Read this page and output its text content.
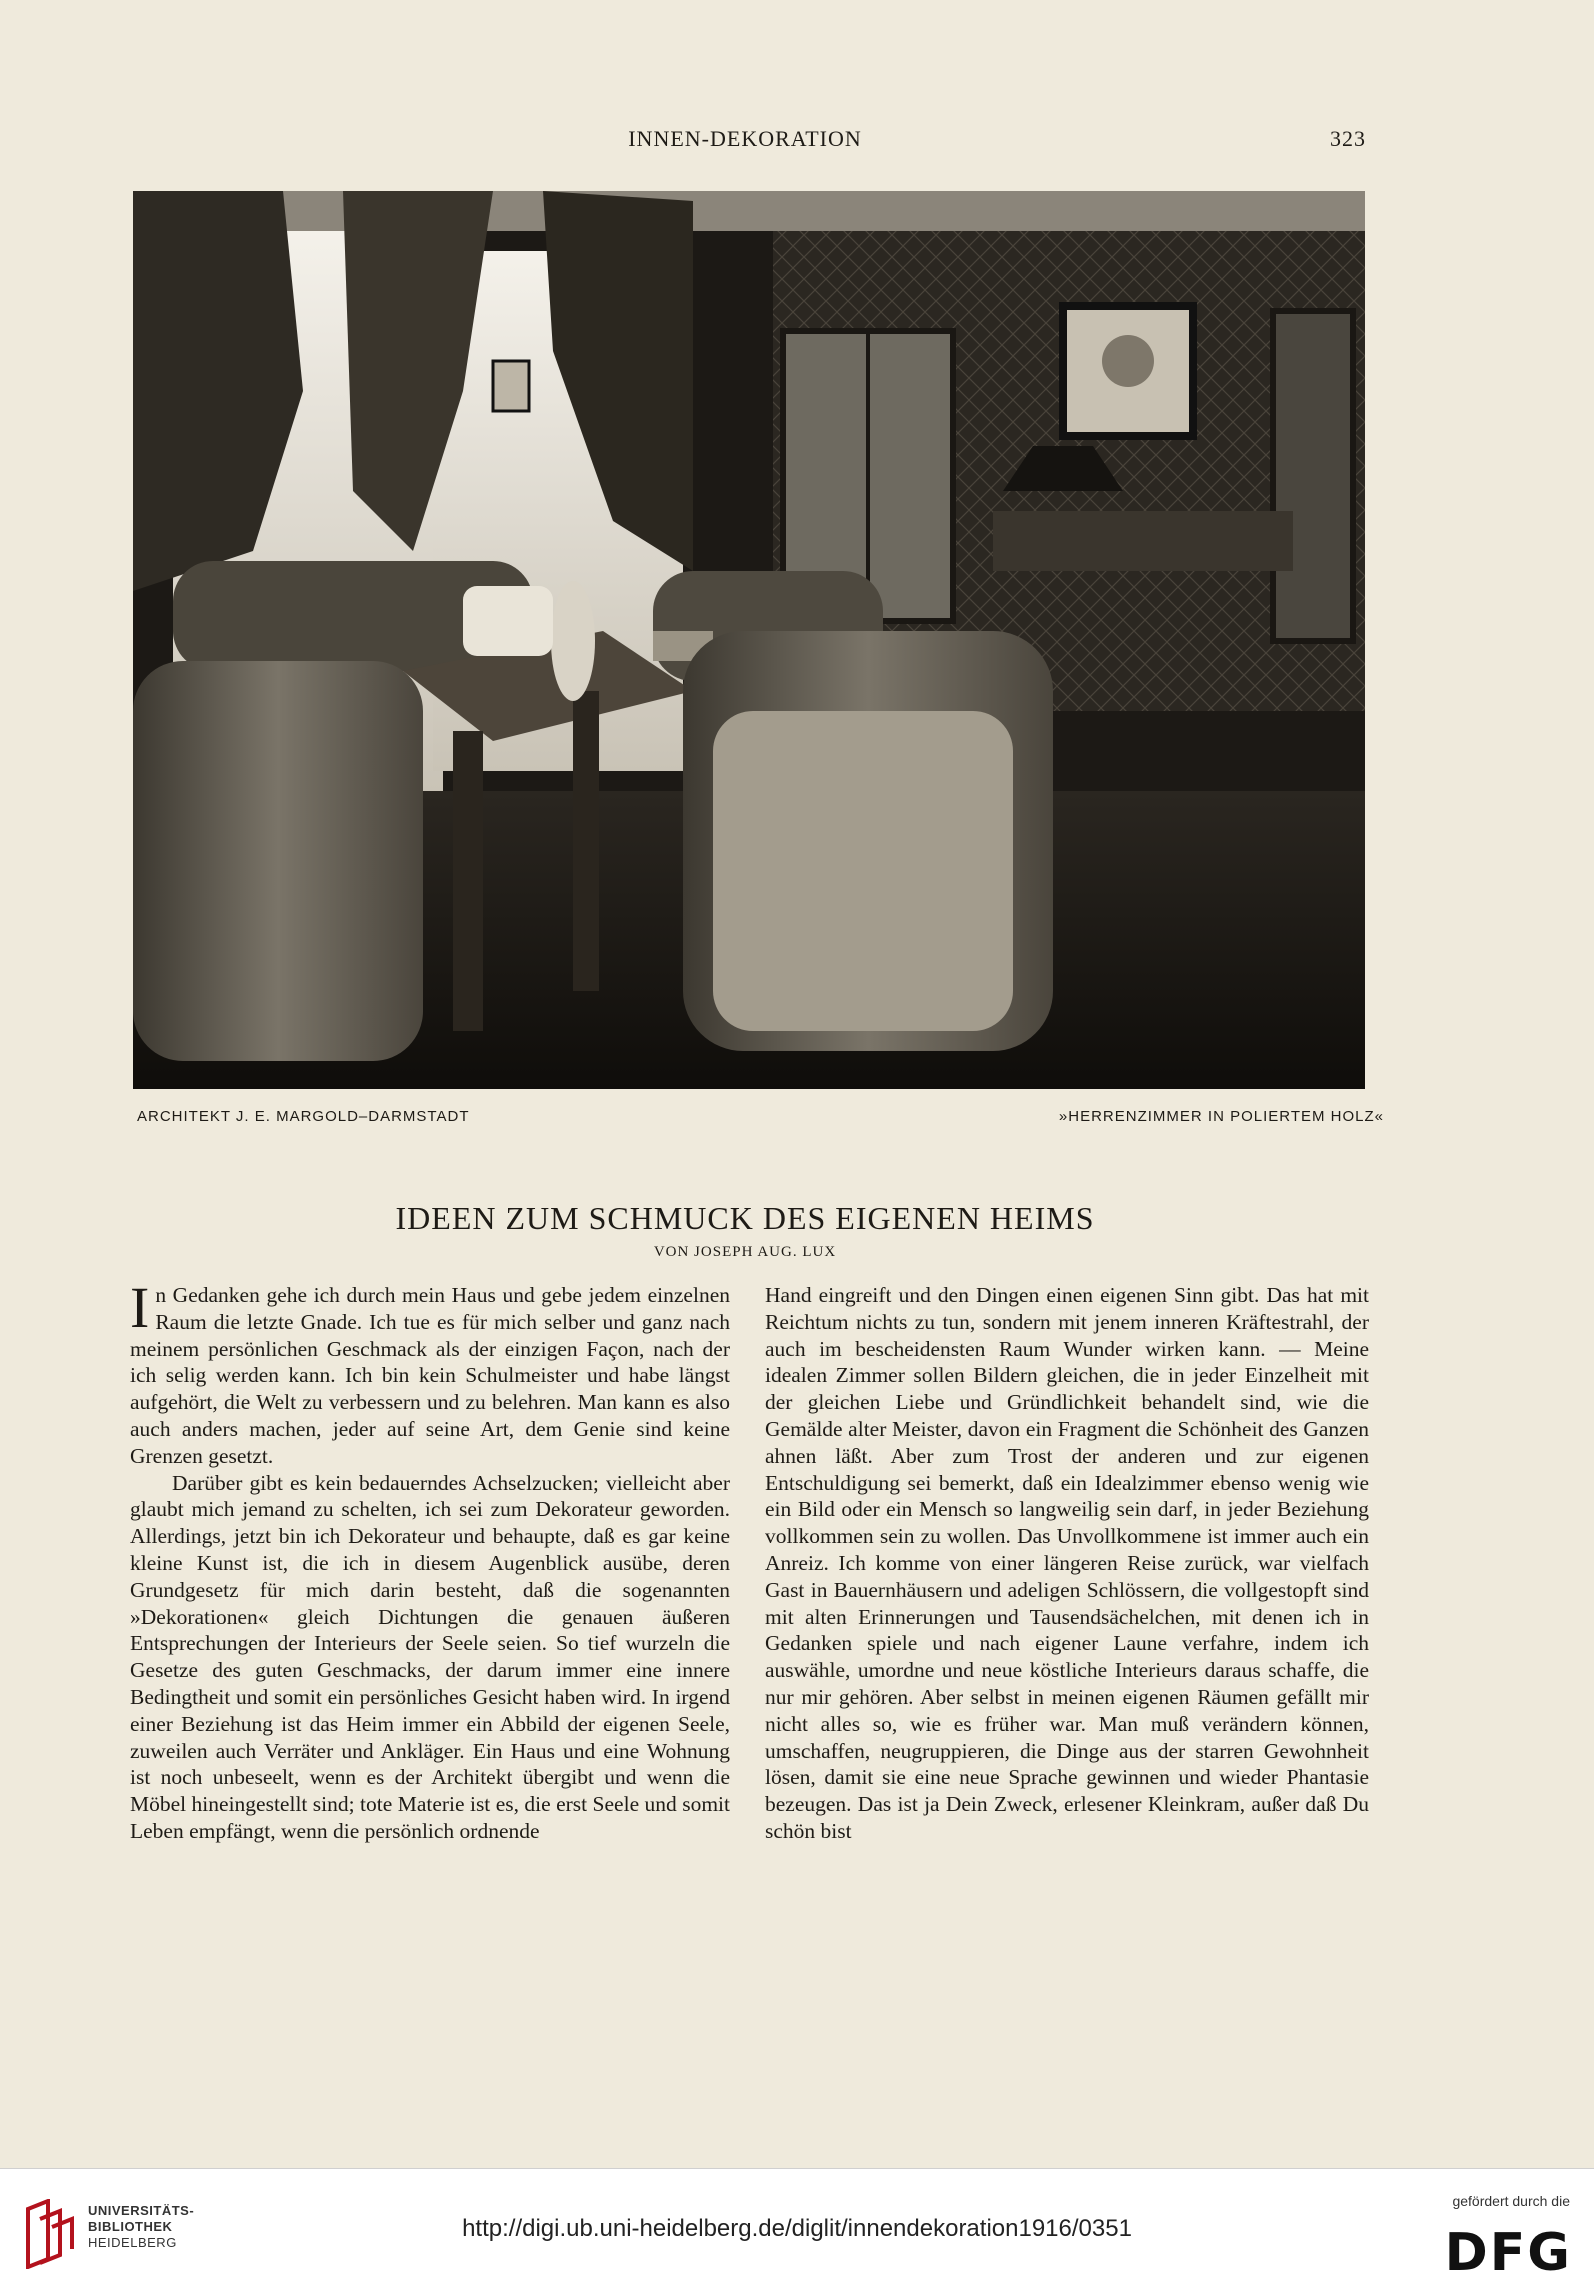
INNEN-DEKORATION	323
ARCHITEKT J. E. MARGOLD–DARMSTADT	»HERRENZIMMER IN POLIERTEM HOLZ«
IDEEN ZUM SCHMUCK DES EIGENEN HEIMS
VON JOSEPH AUG. LUX

In Gedanken gehe ich durch mein Haus und gebe jedem einzelnen Raum die letzte Gnade. Ich tue es für mich selber und ganz nach meinem persönlichen Geschmack als der einzigen Façon, nach der ich selig werden kann. Ich bin kein Schulmeister und habe längst aufgehört, die Welt zu verbessern und zu belehren. Man kann es also auch anders machen, jeder auf seine Art, dem Genie sind keine Grenzen gesetzt.

Darüber gibt es kein bedauerndes Achselzucken; vielleicht aber glaubt mich jemand zu schelten, ich sei zum Dekorateur geworden. Allerdings, jetzt bin ich Dekorateur und behaupte, daß es gar keine kleine Kunst ist, die ich in diesem Augenblick ausübe, deren Grundgesetz für mich darin besteht, daß die sogenannten »Dekorationen« gleich Dichtungen die genauen äußeren Entsprechungen der Interieurs der Seele seien. So tief wurzeln die Gesetze des guten Geschmacks, der darum immer eine innere Bedingtheit und somit ein persönliches Gesicht haben wird. In irgend einer Beziehung ist das Heim immer ein Abbild der eigenen Seele, zuweilen auch Verräter und Ankläger. Ein Haus und eine Wohnung ist noch unbeseelt, wenn es der Architekt übergibt und wenn die Möbel hineingestellt sind; tote Materie ist es, die erst Seele und somit Leben empfängt, wenn die persönlich ordnende

Hand eingreift und den Dingen einen eigenen Sinn gibt. Das hat mit Reichtum nichts zu tun, sondern mit jenem inneren Kräftestrahl, der auch im bescheidensten Raum Wunder wirken kann. –– Meine idealen Zimmer sollen Bildern gleichen, die in jeder Einzelheit mit der gleichen Liebe und Gründlichkeit behandelt sind, wie die Gemälde alter Meister, davon ein Fragment die Schönheit des Ganzen ahnen läßt. Aber zum Trost der anderen und zur eigenen Entschuldigung sei bemerkt, daß ein Idealzimmer ebenso wenig wie ein Bild oder ein Mensch so langweilig sein darf, in jeder Beziehung vollkommen sein zu wollen. Das Unvollkommene ist immer auch ein Anreiz. Ich komme von einer längeren Reise zurück, war vielfach Gast in Bauernhäusern und adeligen Schlössern, die vollgestopft sind mit alten Erinnerungen und Tausendsächelchen, mit denen ich in Gedanken spiele und nach eigener Laune verfahre, indem ich auswähle, umordne und neue köstliche Interieurs daraus schaffe, die nur mir gehören. Aber selbst in meinen eigenen Räumen gefällt mir nicht alles so, wie es früher war. Man muß verändern können, umschaffen, neugruppieren, die Dinge aus der starren Gewohnheit lösen, damit sie eine neue Sprache gewinnen und wieder Phantasie bezeugen. Das ist ja Dein Zweck, erlesener Kleinkram, außer daß Du schön bist

UNIVERSITÄTS-
BIBLIOTHEK
HEIDELBERG
http://digi.ub.uni-heidelberg.de/diglit/innendekoration1916/0351
gefördert durch die
DFG
